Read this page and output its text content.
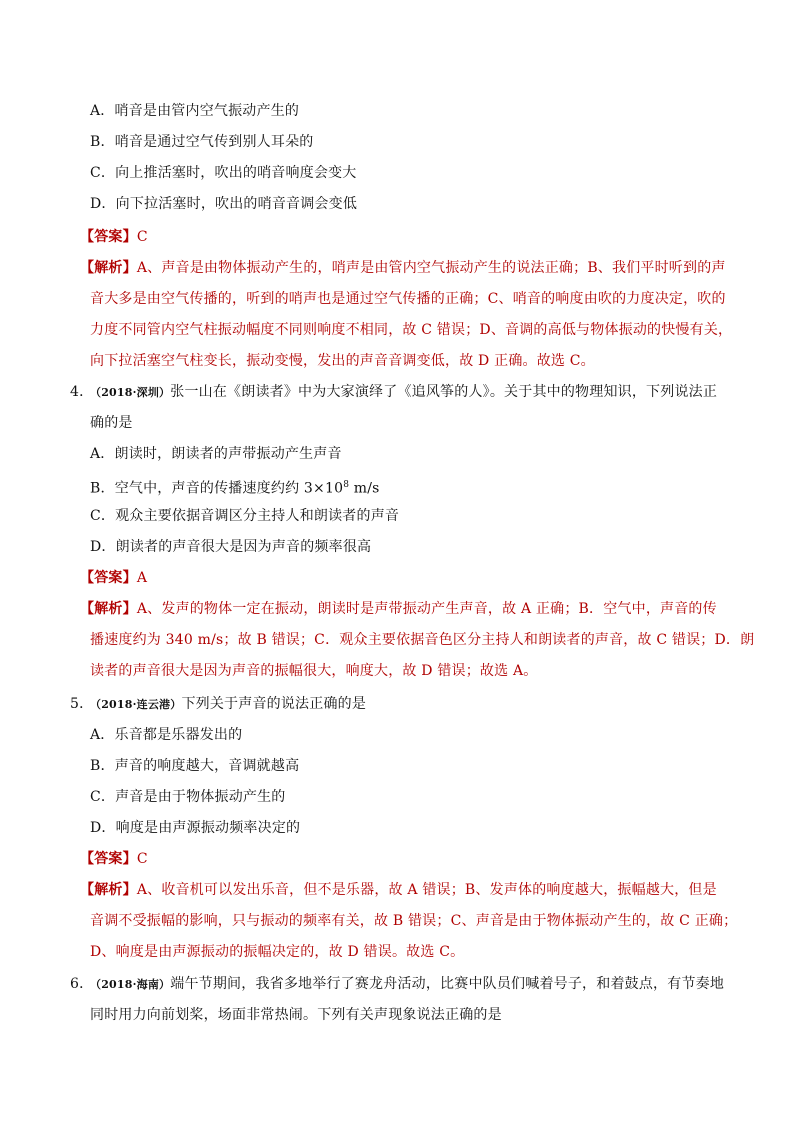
A．哨音是由管内空气振动产生的
B．哨音是通过空气传到别人耳朵的
C．向上推活塞时，吹出的哨音响度会变大
D．向下拉活塞时，吹出的哨音音调会变低
【答案】C
【解析】A、声音是由物体振动产生的，哨声是由管内空气振动产生的说法正确；B、我们平时听到的声
音大多是由空气传播的，听到的哨声也是通过空气传播的正确；C、哨音的响度由吹的力度决定，吹的
力度不同管内空气柱振动幅度不同则响度不相同，故 C 错误；D、音调的高低与物体振动的快慢有关，
向下拉活塞空气柱变长，振动变慢，发出的声音音调变低，故 D 正确。故选 C。
4．（2018·深圳）张一山在《朗读者》中为大家演绎了《追风筝的人》。关于其中的物理知识，下列说法正
确的是
A．朗读时，朗读者的声带振动产生声音
B．空气中，声音的传播速度约约 $3\times 10^8$ m/s
C．观众主要依据音调区分主持人和朗读者的声音
D．朗读者的声音很大是因为声音的频率很高
【答案】A
【解析】A、发声的物体一定在振动，朗读时是声带振动产生声音，故 A 正确；B．空气中，声音的传
播速度约为 340 m/s；故 B 错误；C．观众主要依据音色区分主持人和朗读者的声音，故 C 错误；D．朗
读者的声音很大是因为声音的振幅很大，响度大，故 D 错误；故选 A。
5．（2018·连云港）下列关于声音的说法正确的是
A．乐音都是乐器发出的
B．声音的响度越大，音调就越高
C．声音是由于物体振动产生的
D．响度是由声源振动频率决定的
【答案】C
【解析】A、收音机可以发出乐音，但不是乐器，故 A 错误；B、发声体的响度越大，振幅越大，但是
音调不受振幅的影响，只与振动的频率有关，故 B 错误；C、声音是由于物体振动产生的，故 C 正确；
D、响度是由声源振动的振幅决定的，故 D 错误。故选 C。
6．（2018·海南）端午节期间，我省多地举行了赛龙舟活动，比赛中队员们喊着号子，和着鼓点，有节奏地
同时用力向前划桨，场面非常热闹。下列有关声现象说法正确的是
